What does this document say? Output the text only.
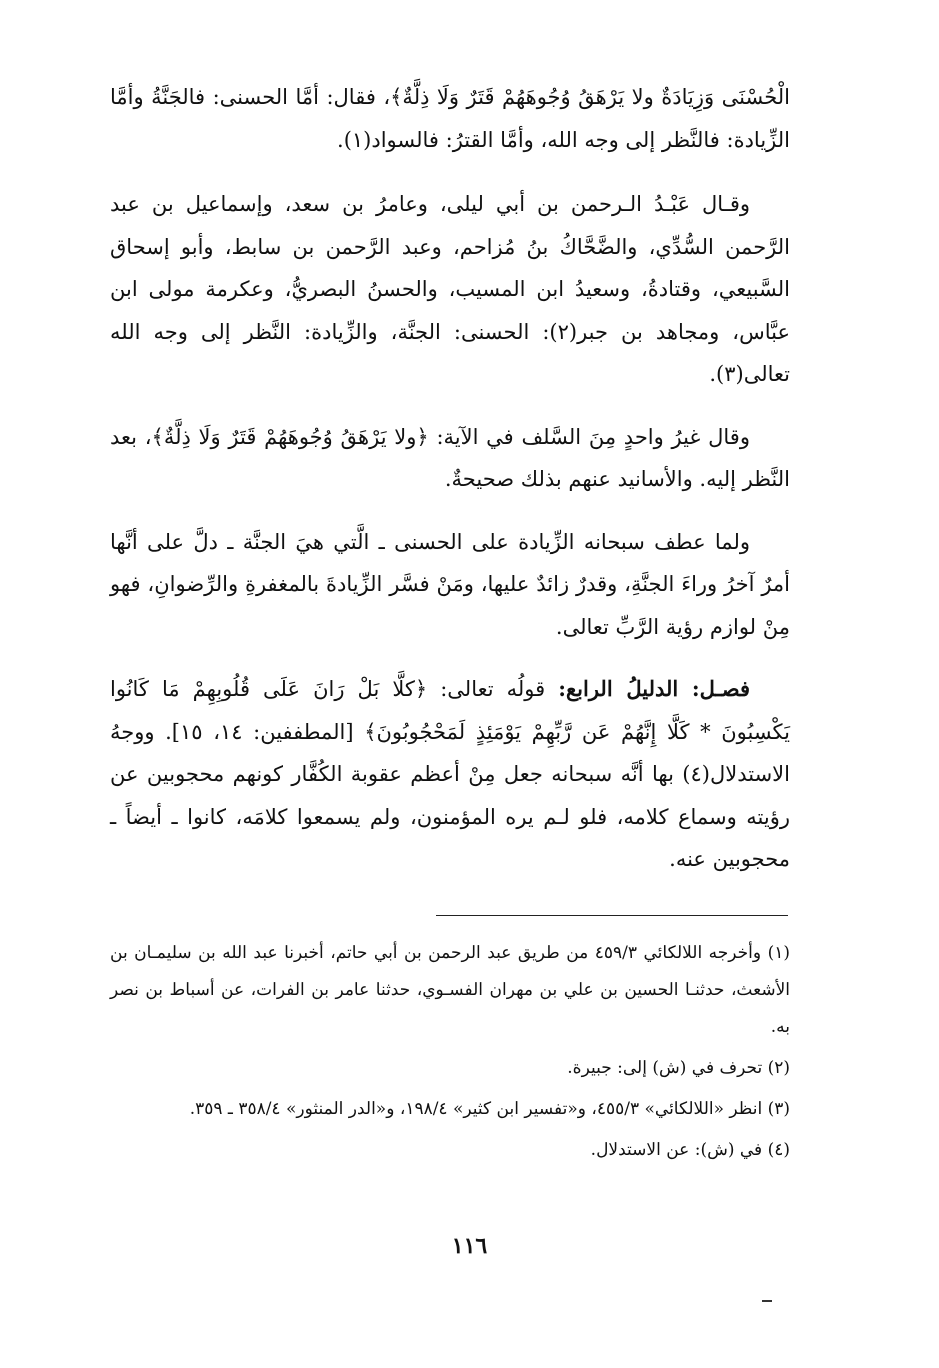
الْحُسْنَى وَزِيَادَةٌ ولا يَرْهَقُ وُجُوهَهُمْ قَتَرٌ وَلَا ذِلَّةٌ﴾، فقال: أمَّا الحسنى: فالجَنَّةُ وأمَّا الزِّيادة: فالنَّظر إلى وجه الله، وأمَّا القترُ: فالسواد(١).

وقـال عَبْـدُ الـرحمن بن أبي ليلى، وعامرُ بن سعد، وإسماعيل بن عبد الرَّحمن السُّدِّي، والضَّحَّاكُ بنُ مُزاحم، وعبد الرَّحمن بن سابط، وأبو إسحاق السَّبيعي، وقتادةُ، وسعيدُ ابن المسيب، والحسنُ البصريُّ، وعكرمة مولى ابن عبَّاس، ومجاهد بن جبر(٢): الحسنى: الجنَّة، والزِّيادة: النَّظر إلى وجه الله تعالى(٣).

وقال غيرُ واحدٍ مِنَ السَّلف في الآية: ﴿ولا يَرْهَقُ وُجُوهَهُمْ قَتَرٌ وَلَا ذِلَّةٌ﴾، بعد النَّظر إليه. والأسانيد عنهم بذلك صحيحةٌ.

ولما عطف سبحانه الزِّيادة على الحسنى ـ الَّتي هيَ الجنَّة ـ دلَّ على أنَّها أمرٌ آخرُ وراءَ الجنَّةِ، وقدرٌ زائدٌ عليها، ومَنْ فسَّر الزِّيادةَ بالمغفرةِ والرِّضوانِ، فهو مِنْ لوازم رؤية الرَّبِّ تعالى.

فصـل: الدليلُ الرابع: قولُه تعالى: ﴿كلَّا بَلْ رَانَ عَلَى قُلُوبِهِمْ مَا كَانُوا يَكْسِبُونَ * كَلَّا إِنَّهُمْ عَن رَّبِّهِمْ يَوْمَئِذٍ لَمَحْجُوبُونَ﴾ [المطففين: ١٤، ١٥]. ووجهُ الاستدلال(٤) بها أنَّه سبحانه جعل مِنْ أعظم عقوبة الكُفَّار كونهم محجوبين عن رؤيته وسماع كلامه، فلو لـم يره المؤمنون، ولم يسمعوا كلامَه، كانوا ـ أيضاً ـ محجوبين عنه.

(١) وأخرجه اللالكائي ٤٥٩/٣ من طريق عبد الرحمن بن أبي حاتم، أخبرنا عبد الله بن سليمـان بن الأشعث، حدثنـا الحسين بن علي بن مهران الفسـوي، حدثنا عامر بن الفرات، عن أسباط بن نصر به.

(٢) تحرف في (ش) إلى: جبيرة.

(٣) انظر «اللالكائي» ٤٥٥/٣، و«تفسير ابن كثير» ١٩٨/٤، و«الدر المنثور» ٣٥٨/٤ ـ ٣٥٩.

(٤) في (ش): عن الاستدلال.

١١٦
